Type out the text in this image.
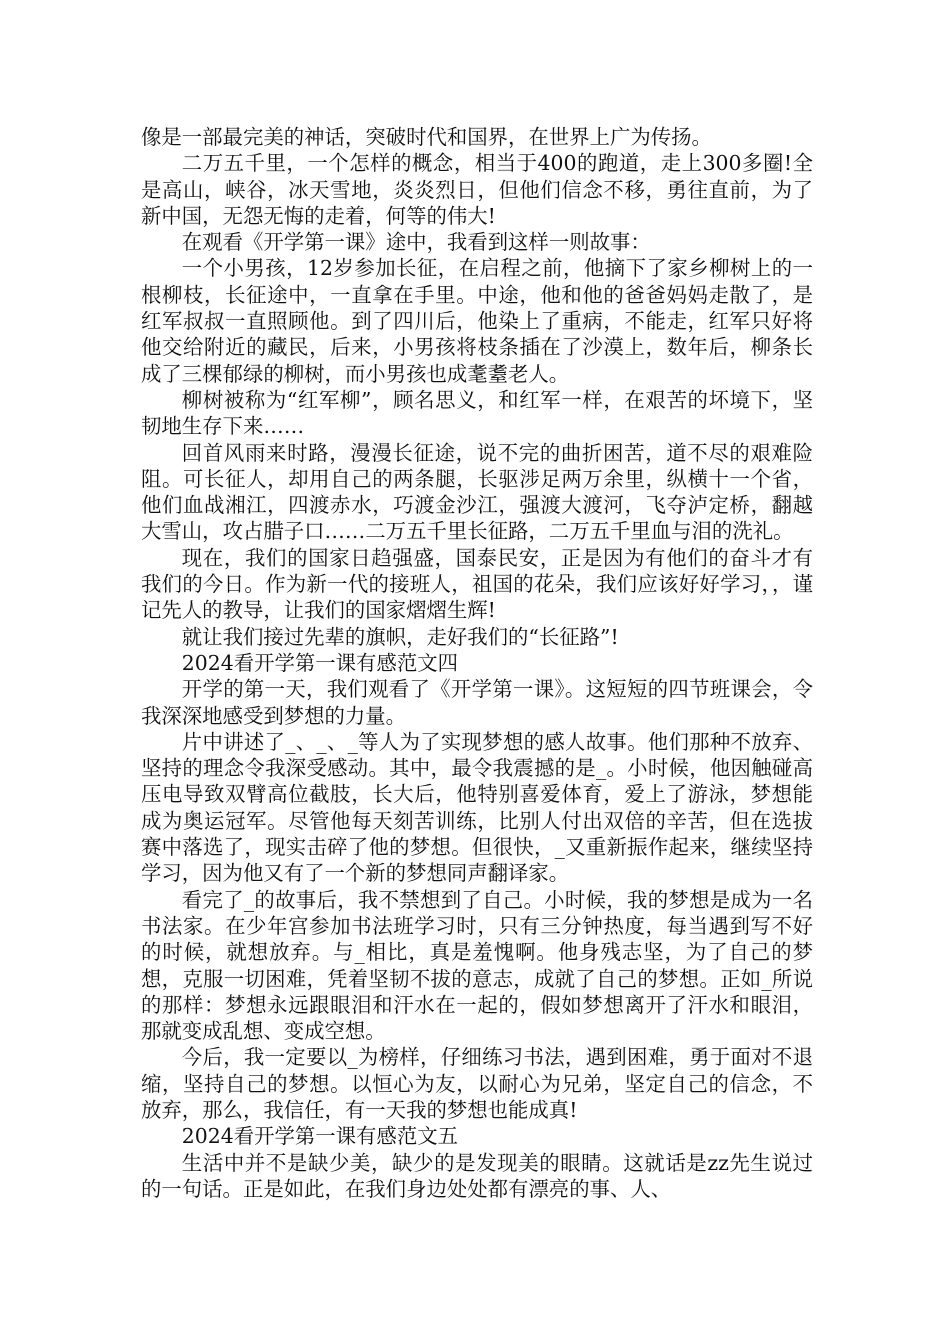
像是一部最完美的神话，突破时代和国界，在世界上广为传扬。

二万五千里，一个怎样的概念，相当于400的跑道，走上300多圈!全是高山，峡谷，冰天雪地，炎炎烈日，但他们信念不移，勇往直前，为了新中国，无怨无悔的走着，何等的伟大!

在观看《开学第一课》途中，我看到这样一则故事：

一个小男孩，12岁参加长征，在启程之前，他摘下了家乡柳树上的一根柳枝，长征途中，一直拿在手里。中途，他和他的爸爸妈妈走散了，是红军叔叔一直照顾他。到了四川后，他染上了重病，不能走，红军只好将他交给附近的藏民，后来，小男孩将枝条插在了沙漠上，数年后，柳条长成了三棵郁绿的柳树，而小男孩也成耄耋老人。

柳树被称为“红军柳”，顾名思义，和红军一样，在艰苦的坏境下，坚韧地生存下来……

回首风雨来时路，漫漫长征途，说不完的曲折困苦，道不尽的艰难险阻。可长征人，却用自己的两条腿，长驱涉足两万余里，纵横十一个省，他们血战湘江，四渡赤水，巧渡金沙江，强渡大渡河，飞夺泸定桥，翻越大雪山，攻占腊子口……二万五千里长征路，二万五千里血与泪的洗礼。

现在，我们的国家日趋强盛，国泰民安，正是因为有他们的奋斗才有我们的今日。作为新一代的接班人，祖国的花朵，我们应该好好学习，，谨记先人的教导，让我们的国家熠熠生辉!

就让我们接过先辈的旗帜，走好我们的“长征路”!

2024看开学第一课有感范文四

开学的第一天，我们观看了《开学第一课》。这短短的四节班课会，令我深深地感受到梦想的力量。

片中讲述了_、_、_等人为了实现梦想的感人故事。他们那种不放弃、坚持的理念令我深受感动。其中，最令我震撼的是_。小时候，他因触碰高压电导致双臂高位截肢，长大后，他特别喜爱体育，爱上了游泳，梦想能成为奥运冠军。尽管他每天刻苦训练，比别人付出双倍的辛苦，但在选拔赛中落选了，现实击碎了他的梦想。但很快，_又重新振作起来，继续坚持学习，因为他又有了一个新的梦想同声翻译家。

看完了_的故事后，我不禁想到了自己。小时候，我的梦想是成为一名书法家。在少年宫参加书法班学习时，只有三分钟热度，每当遇到写不好的时候，就想放弃。与_相比，真是羞愧啊。他身残志坚，为了自己的梦想，克服一切困难，凭着坚韧不拔的意志，成就了自己的梦想。正如_所说的那样：梦想永远跟眼泪和汗水在一起的，假如梦想离开了汗水和眼泪，那就变成乱想、变成空想。

今后，我一定要以_为榜样，仔细练习书法，遇到困难，勇于面对不退缩，坚持自己的梦想。以恒心为友，以耐心为兄弟，坚定自己的信念，不放弃，那么，我信任，有一天我的梦想也能成真!

2024看开学第一课有感范文五

生活中并不是缺少美，缺少的是发现美的眼睛。这就话是zz先生说过的一句话。正是如此，在我们身边处处都有漂亮的事、人、
